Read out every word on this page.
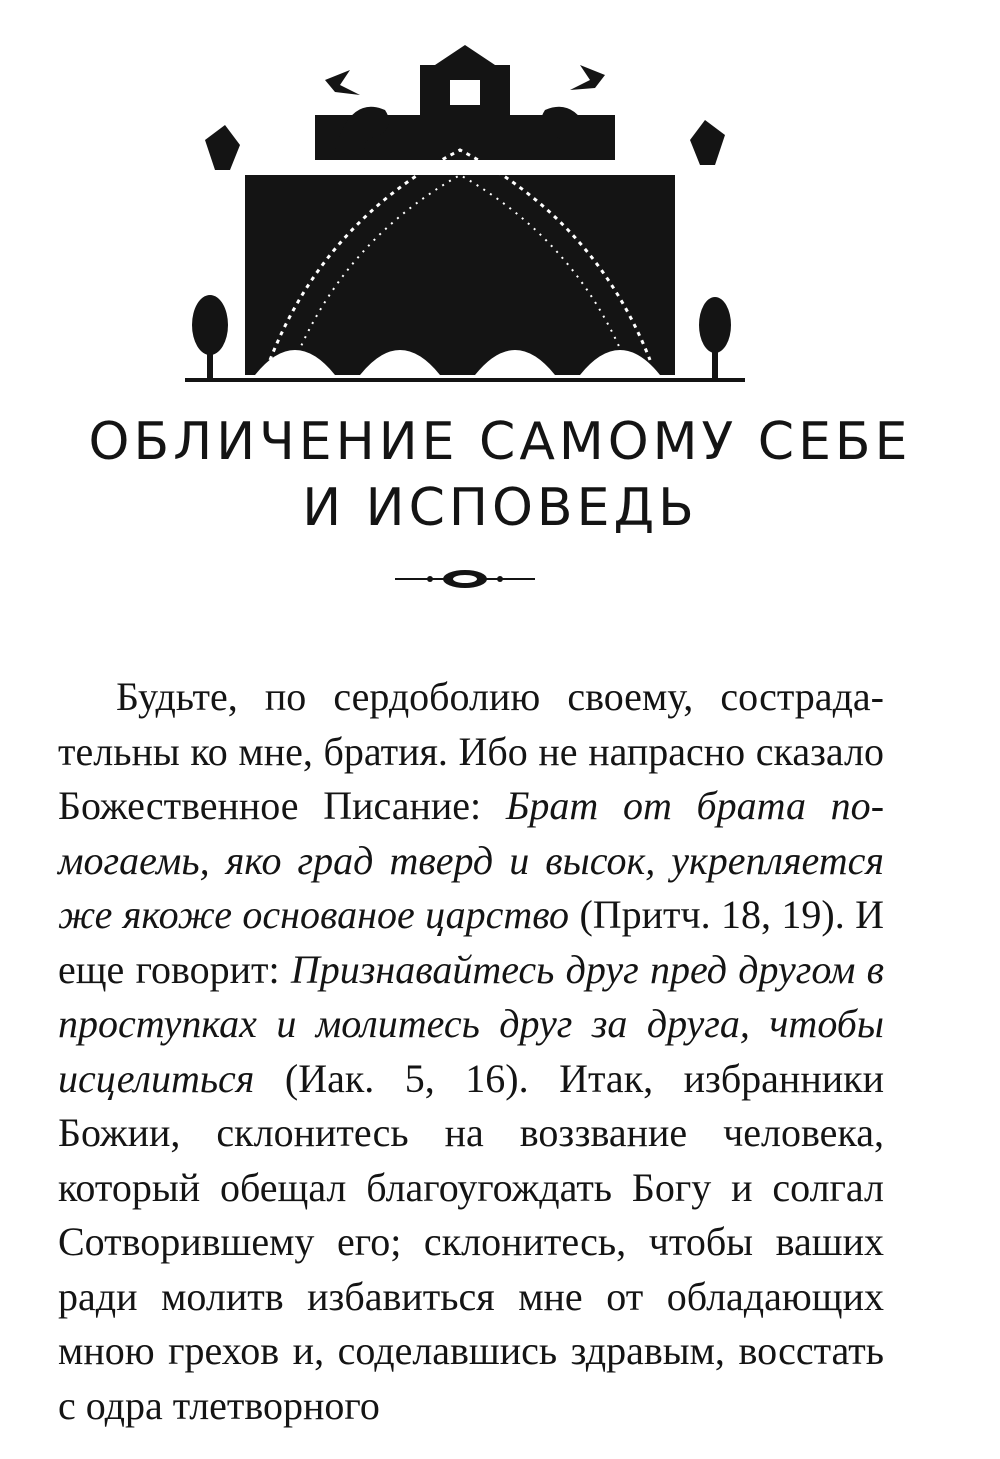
ОБЛИЧЕНИЕ САМОМУ СЕБЕ
И ИСПОВЕДЬ

Будьте, по сердоболию своему, сострадательны ко мне, братия. Ибо не напрасно сказало Божественное Писание: Брат от брата помогаемь, яко град тверд и высок, укрепляется же якоже основаное царство (Притч. 18, 19). И еще говорит: Признавайтесь друг пред другом в проступках и молитесь друг за друга, чтобы исцелиться (Иак. 5, 16). Итак, избранники Божии, склонитесь на воззвание человека, который обещал благоугождать Богу и солгал Сотворившему его; склонитесь, чтобы ваших ради молитв избавиться мне от обладающих мною грехов и, соделавшись здравым, восстать с одра тлетворного
